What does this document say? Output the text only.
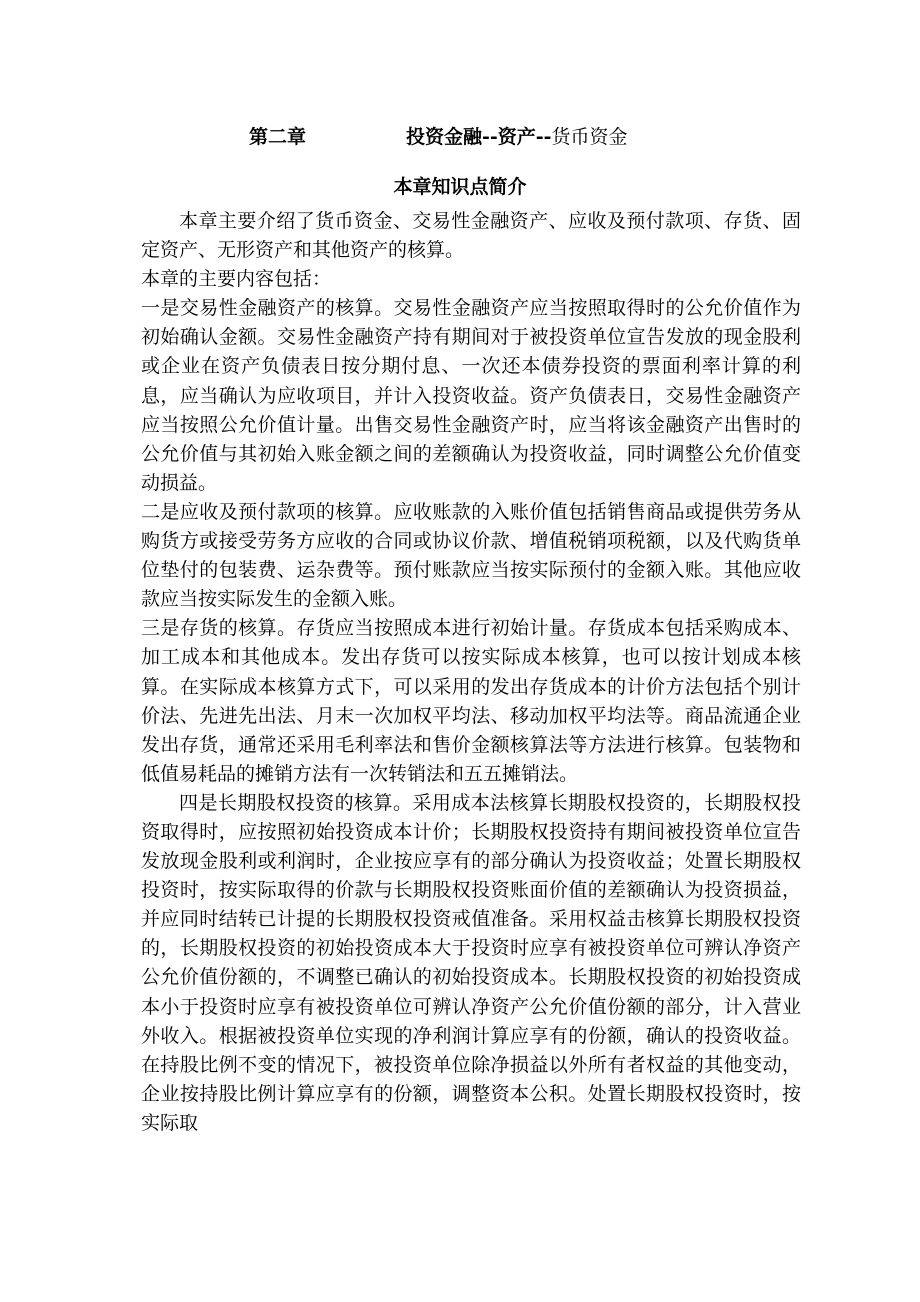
第二章	投资金融--资产--货币资金
本章知识点简介

本章主要介绍了货币资金、交易性金融资产、应收及预付款项、存货、固定资产、无形资产和其他资产的核算。

本章的主要内容包括：

一是交易性金融资产的核算。交易性金融资产应当按照取得时的公允价值作为初始确认金额。交易性金融资产持有期间对于被投资单位宣告发放的现金股利或企业在资产负债表日按分期付息、一次还本债券投资的票面利率计算的利息，应当确认为应收项目，并计入投资收益。资产负债表日，交易性金融资产应当按照公允价值计量。出售交易性金融资产时，应当将该金融资产出售时的公允价值与其初始入账金额之间的差额确认为投资收益，同时调整公允价值变动损益。

二是应收及预付款项的核算。应收账款的入账价值包括销售商品或提供劳务从购货方或接受劳务方应收的合同或协议价款、增值税销项税额，以及代购货单位垫付的包装费、运杂费等。预付账款应当按实际预付的金额入账。其他应收款应当按实际发生的金额入账。

三是存货的核算。存货应当按照成本进行初始计量。存货成本包括采购成本、加工成本和其他成本。发出存货可以按实际成本核算，也可以按计划成本核算。在实际成本核算方式下，可以采用的发出存货成本的计价方法包括个别计价法、先进先出法、月末一次加权平均法、移动加权平均法等。商品流通企业发出存货，通常还采用毛利率法和售价金额核算法等方法进行核算。包装物和低值易耗品的摊销方法有一次转销法和五五摊销法。

四是长期股权投资的核算。采用成本法核算长期股权投资的，长期股权投资取得时，应按照初始投资成本计价；长期股权投资持有期间被投资单位宣告发放现金股利或利润时，企业按应享有的部分确认为投资收益；处置长期股权投资时，按实际取得的价款与长期股权投资账面价值的差额确认为投资损益，并应同时结转已计提的长期股权投资戒值准备。采用权益击核算长期股权投资的，长期股权投资的初始投资成本大于投资时应享有被投资单位可辨认净资产公允价值份额的，不调整已确认的初始投资成本。长期股权投资的初始投资成本小于投资时应享有被投资单位可辨认净资产公允价值份额的部分，计入营业外收入。根据被投资单位实现的净利润计算应享有的份额，确认的投资收益。在持股比例不变的情况下，被投资单位除净损益以外所有者权益的其他变动，企业按持股比例计算应享有的份额，调整资本公积。处置长期股权投资时，按实际取
